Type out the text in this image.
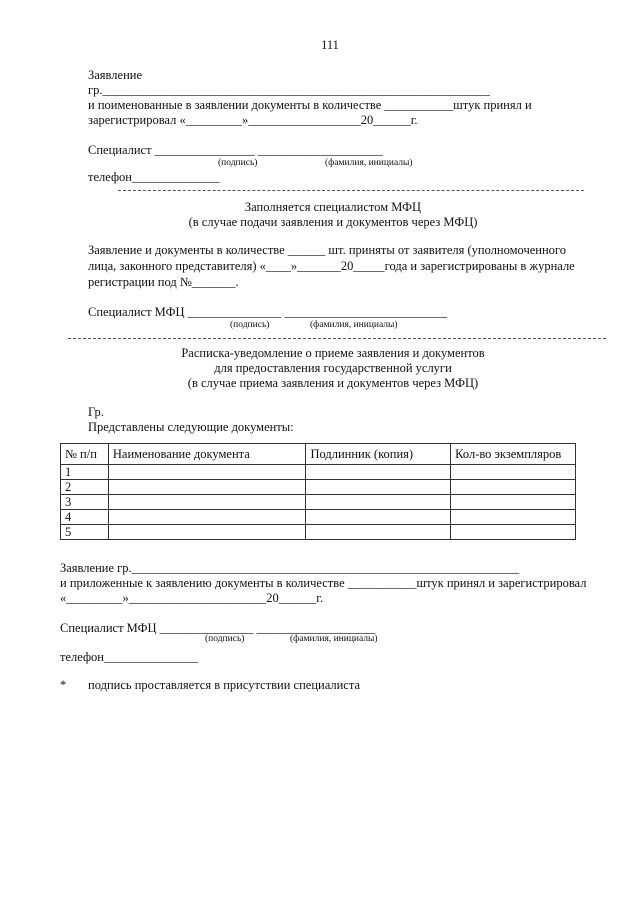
111
Заявление
гр.______________________________________________________________
и поименованные в заявлении документы в количестве ___________штук принял и
зарегистрировал «_________»__________________20______г.
Специалист ________________ ____________________
(подпись)	(фамилия, инициалы)
телефон______________
Заполняется специалистом МФЦ
(в случае подачи заявления и документов через МФЦ)
Заявление и документы в количестве ______ шт. приняты от заявителя (уполномоченного
лица, законного представителя) «____»_______20_____года и зарегистрированы в журнале
регистрации под №_______.
Специалист МФЦ _______________ __________________________
(подпись)	(фамилия, инициалы)
Расписка-уведомление о приеме заявления и документов
для предоставления государственной услуги
(в случае приема заявления и документов через МФЦ)
Гр.
Представлены следующие документы:
№ п/п	Наименование документа	Подлинник (копия)	Кол-во экземпляров
1			
2			
3			
4			
5			
Заявление гр.______________________________________________________________
и приложенные к заявлению документы в количестве ___________штук принял и зарегистрировал
«_________»______________________20______г.
Специалист МФЦ _______________ ___________________
(подпись)	(фамилия, инициалы)
телефон_______________
* подпись проставляется в присутствии специалиста
